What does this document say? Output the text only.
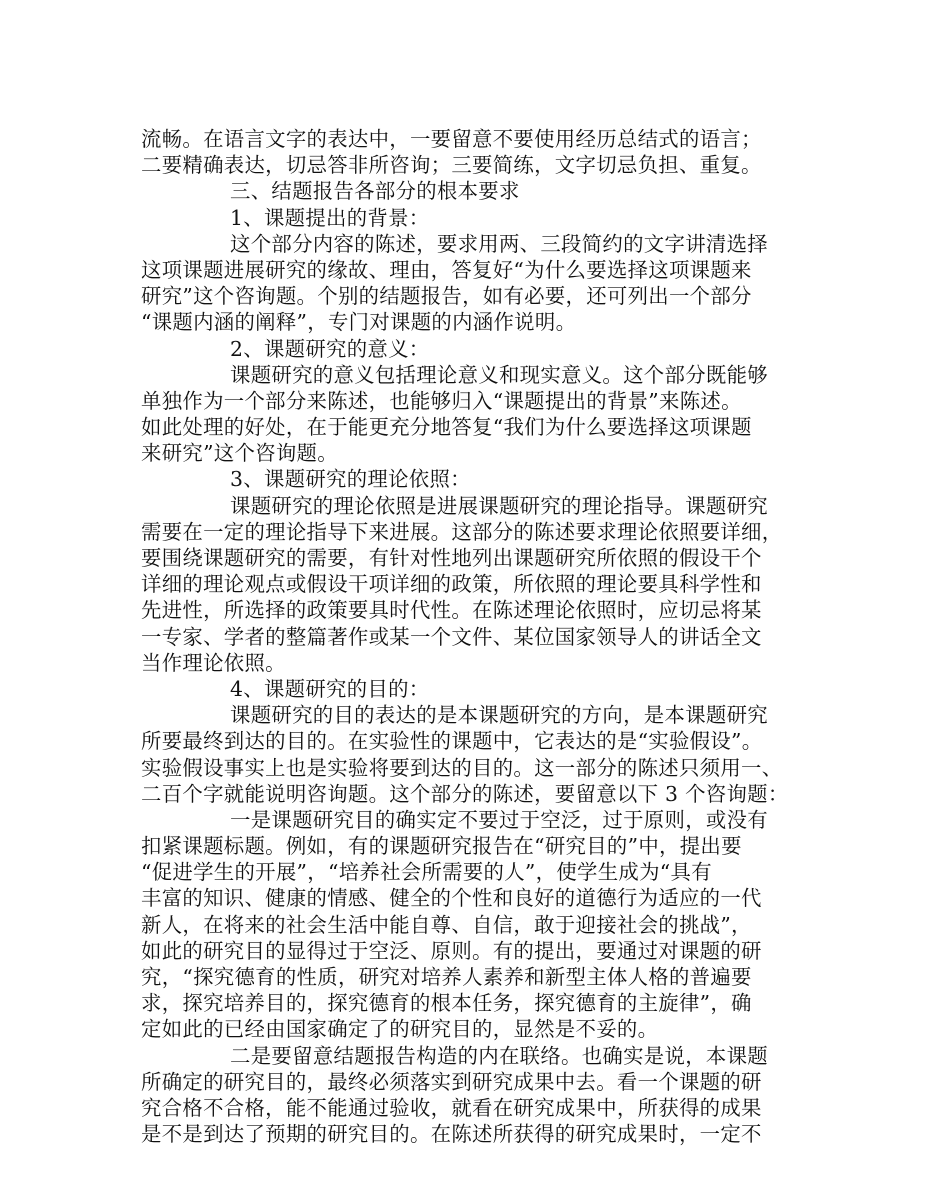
流畅。在语言文字的表达中，一要留意不要使用经历总结式的语言；
二要精确表达，切忌答非所咨询；三要简练，文字切忌负担、重复。
三、结题报告各部分的根本要求
1、课题提出的背景：
这个部分内容的陈述，要求用两、三段简约的文字讲清选择
这项课题进展研究的缘故、理由，答复好“为什么要选择这项课题来
研究”这个咨询题。个别的结题报告，如有必要，还可列出一个部分
“课题内涵的阐释”，专门对课题的内涵作说明。
2、课题研究的意义：
课题研究的意义包括理论意义和现实意义。这个部分既能够
单独作为一个部分来陈述，也能够归入“课题提出的背景”来陈述。
如此处理的好处，在于能更充分地答复“我们为什么要选择这项课题
来研究”这个咨询题。
3、课题研究的理论依照：
课题研究的理论依照是进展课题研究的理论指导。课题研究
需要在一定的理论指导下来进展。这部分的陈述要求理论依照要详细，
要围绕课题研究的需要，有针对性地列出课题研究所依照的假设干个
详细的理论观点或假设干项详细的政策，所依照的理论要具科学性和
先进性，所选择的政策要具时代性。在陈述理论依照时，应切忌将某
一专家、学者的整篇著作或某一个文件、某位国家领导人的讲话全文
当作理论依照。
4、课题研究的目的：
课题研究的目的表达的是本课题研究的方向，是本课题研究
所要最终到达的目的。在实验性的课题中，它表达的是“实验假设”。
实验假设事实上也是实验将要到达的目的。这一部分的陈述只须用一、
二百个字就能说明咨询题。这个部分的陈述，要留意以下 3 个咨询题：
一是课题研究目的确实定不要过于空泛，过于原则，或没有
扣紧课题标题。例如，有的课题研究报告在“研究目的”中，提出要
“促进学生的开展”，“培养社会所需要的人”，使学生成为“具有
丰富的知识、健康的情感、健全的个性和良好的道德行为适应的一代
新人，在将来的社会生活中能自尊、自信，敢于迎接社会的挑战”，
如此的研究目的显得过于空泛、原则。有的提出，要通过对课题的研
究，“探究德育的性质，研究对培养人素养和新型主体人格的普遍要
求，探究培养目的，探究德育的根本任务，探究德育的主旋律”，确
定如此的已经由国家确定了的研究目的，显然是不妥的。
二是要留意结题报告构造的内在联络。也确实是说，本课题
所确定的研究目的，最终必须落实到研究成果中去。看一个课题的研
究合格不合格，能不能通过验收，就看在研究成果中，所获得的成果
是不是到达了预期的研究目的。在陈述所获得的研究成果时，一定不
